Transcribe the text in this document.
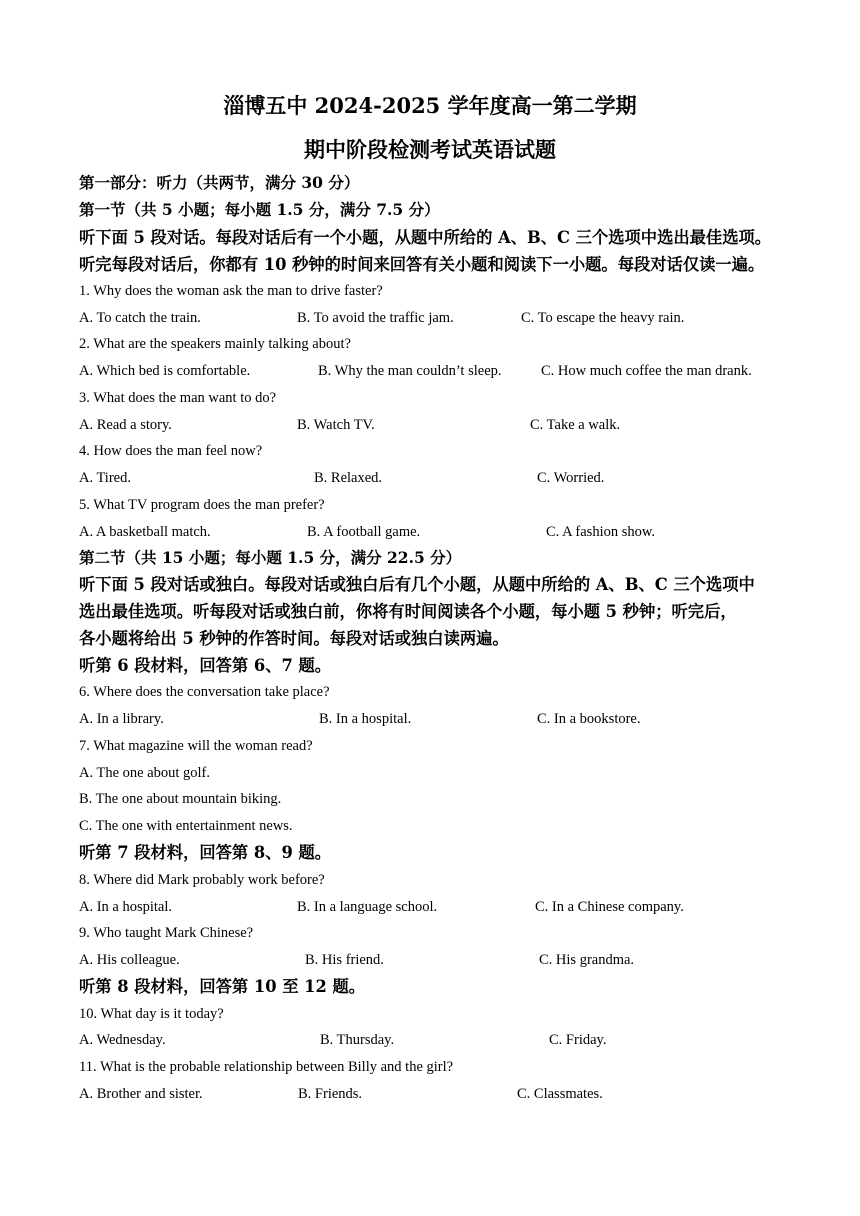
淄博五中 2024-2025 学年度高一第二学期
期中阶段检测考试英语试题
第一部分：听力（共两节，满分 30 分）
第一节（共 5 小题；每小题 1.5 分，满分 7.5 分）
听下面 5 段对话。每段对话后有一个小题，从题中所给的 A、B、C 三个选项中选出最佳选项。
听完每段对话后，你都有 10 秒钟的时间来回答有关小题和阅读下一小题。每段对话仅读一遍。
1. Why does the woman ask the man to drive faster?
A. To catch the train.	B. To avoid the traffic jam.	C. To escape the heavy rain.
2. What are the speakers mainly talking about?
A. Which bed is comfortable.	B. Why the man couldn’t sleep.	C. How much coffee the man drank.
3. What does the man want to do?
A. Read a story.	B. Watch TV.	C. Take a walk.
4. How does the man feel now?
A. Tired.	B. Relaxed.	C. Worried.
5. What TV program does the man prefer?
A. A basketball match.	B. A football game.	C. A fashion show.
第二节（共 15 小题；每小题 1.5 分，满分 22.5 分）
听下面 5 段对话或独白。每段对话或独白后有几个小题，从题中所给的 A、B、C 三个选项中
选出最佳选项。听每段对话或独白前，你将有时间阅读各个小题，每小题 5 秒钟；听完后，
各小题将给出 5 秒钟的作答时间。每段对话或独白读两遍。
听第 6 段材料，回答第 6、7 题。
6. Where does the conversation take place?
A. In a library.	B. In a hospital.	C. In a bookstore.
7. What magazine will the woman read?
A. The one about golf.
B. The one about mountain biking.
C. The one with entertainment news.
听第 7 段材料，回答第 8、9 题。
8. Where did Mark probably work before?
A. In a hospital.	B. In a language school.	C. In a Chinese company.
9. Who taught Mark Chinese?
A. His colleague.	B. His friend.	C. His grandma.
听第 8 段材料，回答第 10 至 12 题。
10. What day is it today?
A. Wednesday.	B. Thursday.	C. Friday.
11. What is the probable relationship between Billy and the girl?
A. Brother and sister.	B. Friends.	C. Classmates.
